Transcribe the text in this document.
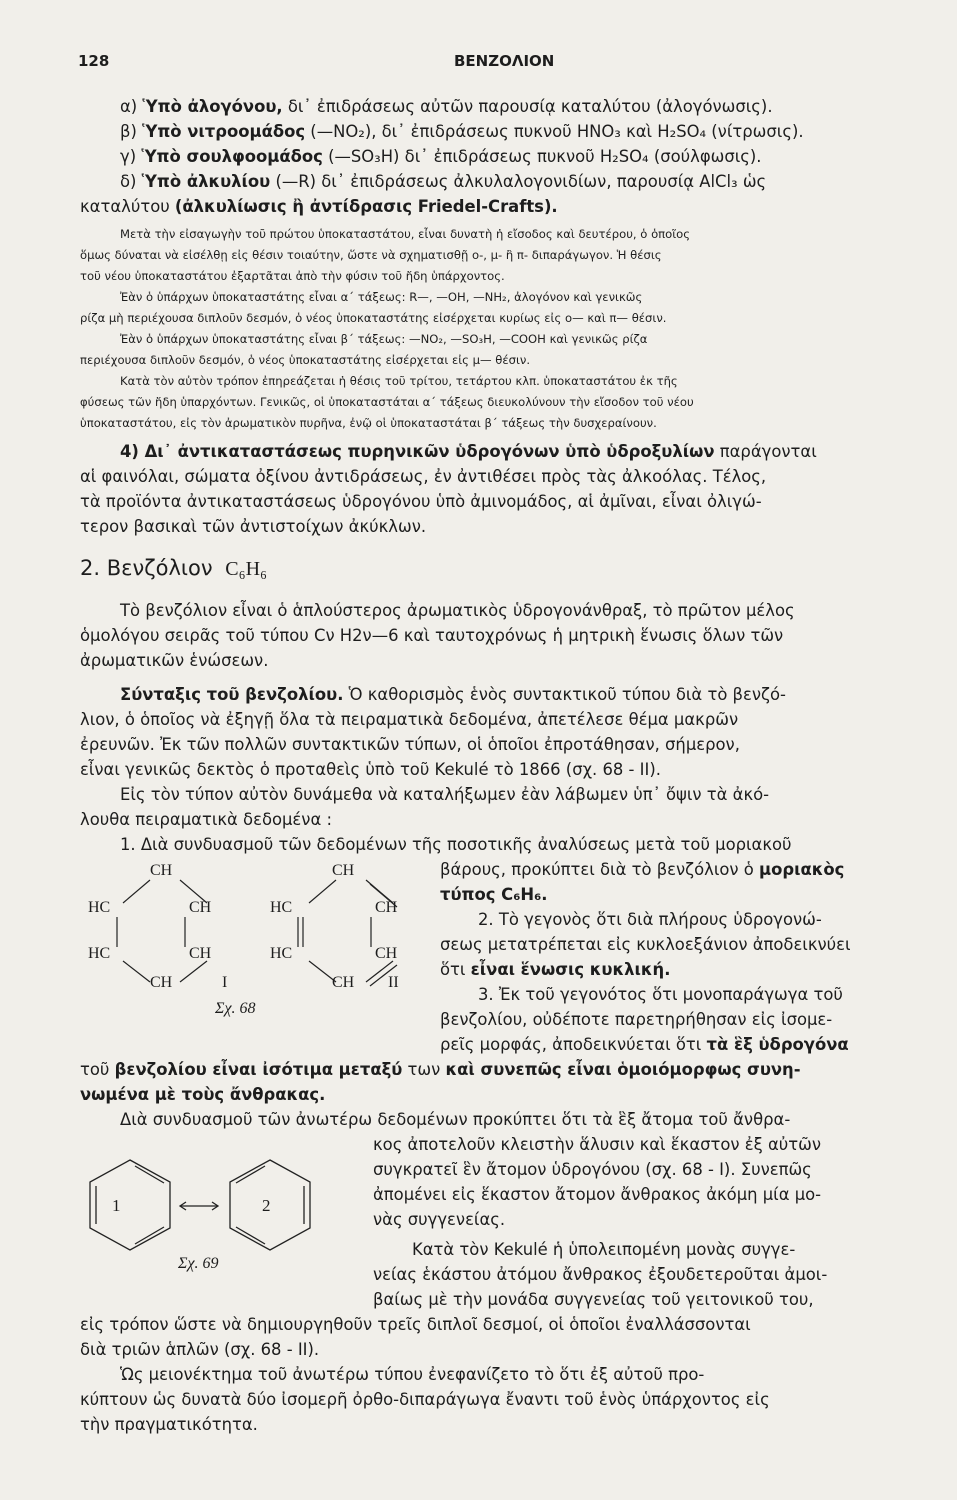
128	ΒΕΝΖΟΛΙΟΝ
α) Ὑπὸ ἀλογόνου, δι᾽ ἐπιδράσεως αὐτῶν παρουσίᾳ καταλύτου (ἀλογόνωσις).
β) Ὑπὸ νιτροομάδος (—NO₂), δι᾽ ἐπιδράσεως πυκνοῦ HNO₃ καὶ H₂SO₄ (νίτρωσις).
γ) Ὑπὸ σουλφοομάδος (—SO₃H) δι᾽ ἐπιδράσεως πυκνοῦ H₂SO₄ (σούλφωσις).
δ) Ὑπὸ ἀλκυλίου (—R) δι᾽ ἐπιδράσεως ἀλκυλαλογονιδίων, παρουσίᾳ AlCl₃ ὡς
καταλύτου (ἀλκυλίωσις ἢ ἀντίδρασις Friedel-Crafts).
Μετὰ τὴν εἰσαγωγὴν τοῦ πρώτου ὑποκαταστάτου, εἶναι δυνατὴ ἡ εἴσοδος καὶ δευτέρου, ὁ ὁποῖος
ὅμως δύναται νὰ εἰσέλθῃ εἰς θέσιν τοιαύτην, ὥστε νὰ σχηματισθῇ ο-, μ- ἢ π- διπαράγωγον. Ἡ θέσις
τοῦ νέου ὑποκαταστάτου ἐξαρτᾶται ἀπὸ τὴν φύσιν τοῦ ἤδη ὑπάρχοντος.
Ἐὰν ὁ ὑπάρχων ὑποκαταστάτης εἶναι α΄ τάξεως: R—, —OH, —NH₂, ἀλογόνον καὶ γενικῶς
ρίζα μὴ περιέχουσα διπλοῦν δεσμόν, ὁ νέος ὑποκαταστάτης εἰσέρχεται κυρίως εἰς ο— καὶ π— θέσιν.
Ἐὰν ὁ ὑπάρχων ὑποκαταστάτης εἶναι β΄ τάξεως: —NO₂, —SO₃H, —COOH καὶ γενικῶς ρίζα
περιέχουσα διπλοῦν δεσμόν, ὁ νέος ὑποκαταστάτης εἰσέρχεται εἰς μ— θέσιν.
Κατὰ τὸν αὐτὸν τρόπον ἐπηρεάζεται ἡ θέσις τοῦ τρίτου, τετάρτου κλπ. ὑποκαταστάτου ἐκ τῆς
φύσεως τῶν ἤδη ὑπαρχόντων. Γενικῶς, οἱ ὑποκαταστάται α΄ τάξεως διευκολύνουν τὴν εἴσοδον τοῦ νέου
ὑποκαταστάτου, εἰς τὸν ἀρωματικὸν πυρῆνα, ἐνῷ οἱ ὑποκαταστάται β΄ τάξεως τὴν δυσχεραίνουν.
4) Δι᾽ ἀντικαταστάσεως πυρηνικῶν ὑδρογόνων ὑπὸ ὑδροξυλίων παράγονται
αἱ φαινόλαι, σώματα ὀξίνου ἀντιδράσεως, ἐν ἀντιθέσει πρὸς τὰς ἀλκοόλας. Τέλος,
τὰ προϊόντα ἀντικαταστάσεως ὑδρογόνου ὑπὸ ἀμινομάδος, αἱ ἀμῖναι, εἶναι ὀλιγώ-
τερον βασικαὶ τῶν ἀντιστοίχων ἀκύκλων.
2. Βενζόλιον C₆H₆
Τὸ βενζόλιον εἶναι ὁ ἁπλούστερος ἀρωματικὸς ὑδρογονάνθραξ, τὸ πρῶτον μέλος
ὁμολόγου σειρᾶς τοῦ τύπου Cν H2ν—6 καὶ ταυτοχρόνως ἡ μητρικὴ ἕνωσις ὅλων τῶν
ἀρωματικῶν ἑνώσεων.
Σύνταξις τοῦ βενζολίου. Ὁ καθορισμὸς ἑνὸς συντακτικοῦ τύπου διὰ τὸ βενζό-
λιον, ὁ ὁποῖος νὰ ἐξηγῇ ὅλα τὰ πειραματικὰ δεδομένα, ἀπετέλεσε θέμα μακρῶν
ἐρευνῶν. Ἐκ τῶν πολλῶν συντακτικῶν τύπων, οἱ ὁποῖοι ἐπροτάθησαν, σήμερον,
εἶναι γενικῶς δεκτὸς ὁ προταθεὶς ὑπὸ τοῦ Kekulé τὸ 1866 (σχ. 68 - II).
Εἰς τὸν τύπον αὐτὸν δυνάμεθα νὰ καταλήξωμεν ἐὰν λάβωμεν ὑπ᾽ ὄψιν τὰ ἀκό-
λουθα πειραματικὰ δεδομένα :
1. Διὰ συνδυασμοῦ τῶν δεδομένων τῆς ποσοτικῆς ἀναλύσεως μετὰ τοῦ μοριακοῦ
βάρους, προκύπτει διὰ τὸ βενζόλιον ὁ μοριακὸς
τύπος C₆H₆.
2. Τὸ γεγονὸς ὅτι διὰ πλήρους ὑδρογονώ-
σεως μετατρέπεται εἰς κυκλοεξάνιον ἀποδεικνύει
ὅτι εἶναι ἕνωσις κυκλική.
3. Ἐκ τοῦ γεγονότος ὅτι μονοπαράγωγα τοῦ
βενζολίου, οὐδέποτε παρετηρήθησαν εἰς ἰσομε-
ρεῖς μορφάς, ἀποδεικνύεται ὅτι τὰ ἓξ ὑδρογόνα
τοῦ βενζολίου εἶναι ἰσότιμα μεταξύ των καὶ συνεπῶς εἶναι ὁμοιόμορφως συνη-
νωμένα μὲ τοὺς ἄνθρακας.
CH
HC	CH
HC	CH
CH	I
CH
HC	CH
HC	CH
CH II
Σχ. 68
Διὰ συνδυασμοῦ τῶν ἀνωτέρω δεδομένων προκύπτει ὅτι τὰ ἓξ ἄτομα τοῦ ἄνθρα-
κος ἀποτελοῦν κλειστὴν ἅλυσιν καὶ ἕκαστον ἐξ αὐτῶν
συγκρατεῖ ἓν ἄτομον ὑδρογόνου (σχ. 68 - I). Συνεπῶς
ἀπομένει εἰς ἕκαστον ἄτομον ἄνθρακος ἀκόμη μία μο-
νὰς συγγενείας.
1	2
Σχ. 69
Κατὰ τὸν Kekulé ἡ ὑπολειπομένη μονὰς συγγε-
νείας ἑκάστου ἀτόμου ἄνθρακος ἐξουδετεροῦται ἀμοι-
βαίως μὲ τὴν μονάδα συγγενείας τοῦ γειτονικοῦ του,
εἰς τρόπον ὥστε νὰ δημιουργηθοῦν τρεῖς διπλοῖ δεσμοί, οἱ ὁποῖοι ἐναλλάσσονται
διὰ τριῶν ἁπλῶν (σχ. 68 - II).
Ὡς μειονέκτημα τοῦ ἀνωτέρω τύπου ἐνεφανίζετο τὸ ὅτι ἐξ αὐτοῦ προ-
κύπτουν ὡς δυνατὰ δύο ἰσομερῆ ὀρθο-διπαράγωγα ἔναντι τοῦ ἑνὸς ὑπάρχοντος εἰς
τὴν πραγματικότητα.
